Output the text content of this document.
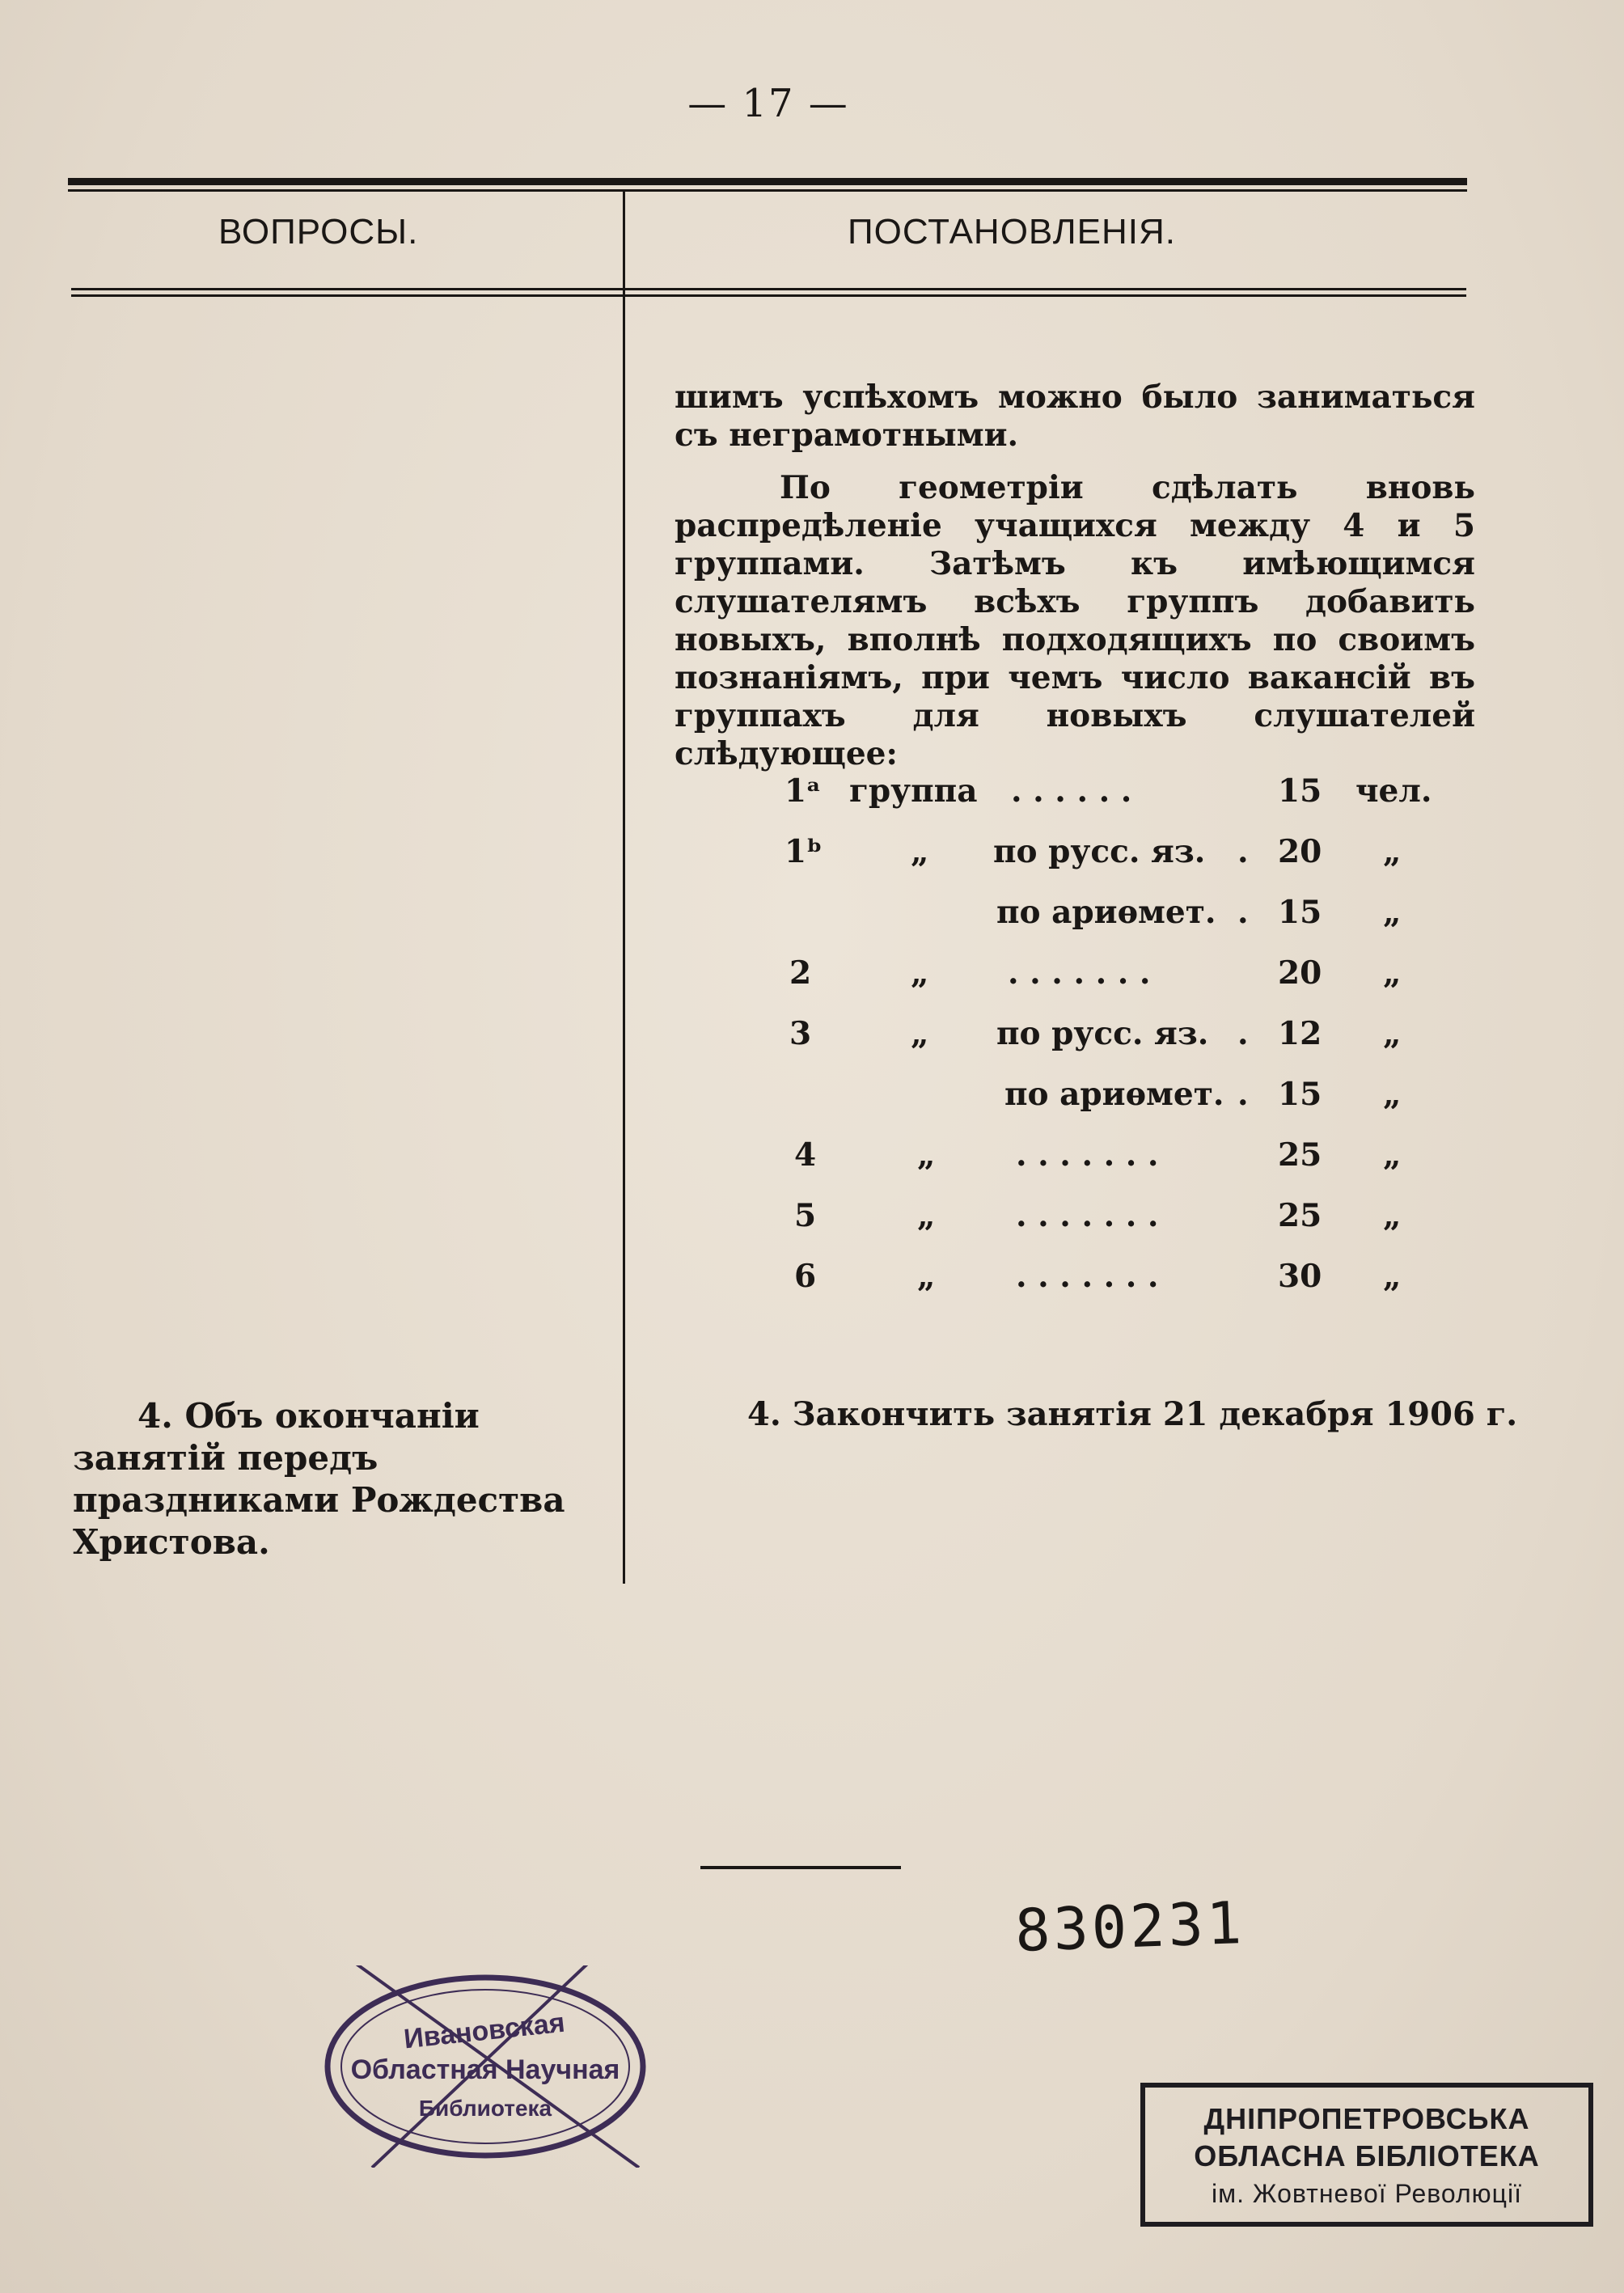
— 17 —
ВОПРОСЫ.	ПОСТАНОВЛЕНІЯ.

шимъ успѣхомъ можно было заниматься съ неграмотными.

По геометріи сдѣлать вновь распредѣленіе учащихся между 4 и 5 группами. Затѣмъ къ имѣющимся слушателямъ всѣхъ группъ добавить новыхъ, вполнѣ подходящихъ по своимъ познаніямъ, при чемъ число вакансій въ группахъ для новыхъ слушателей слѣдующее:

1ᵃ группа . . . . . .	15 чел.
1ᵇ	„ по русс. яз. . 20 „
по ариѳмет. . 15 „
2	„	. . . . . . .	20 „
3	„ по русс. яз. . 12 „
по ариѳмет. . 15 „
4	„	. . . . . . .	25 „
5	„	. . . . . . .	25 „
6	„	. . . . . . .	30 „

4. Объ окончаніи занятій передъ праздниками Рождества Христова.

4. Закончить занятія 21 декабря 1906 г.
830231
Ивановская
Областная Научная
Библиотека	ДНІПРОПЕТРОВСЬКА
ОБЛАСНА БІБЛІОТЕКА
ім. Жовтневої Революції
